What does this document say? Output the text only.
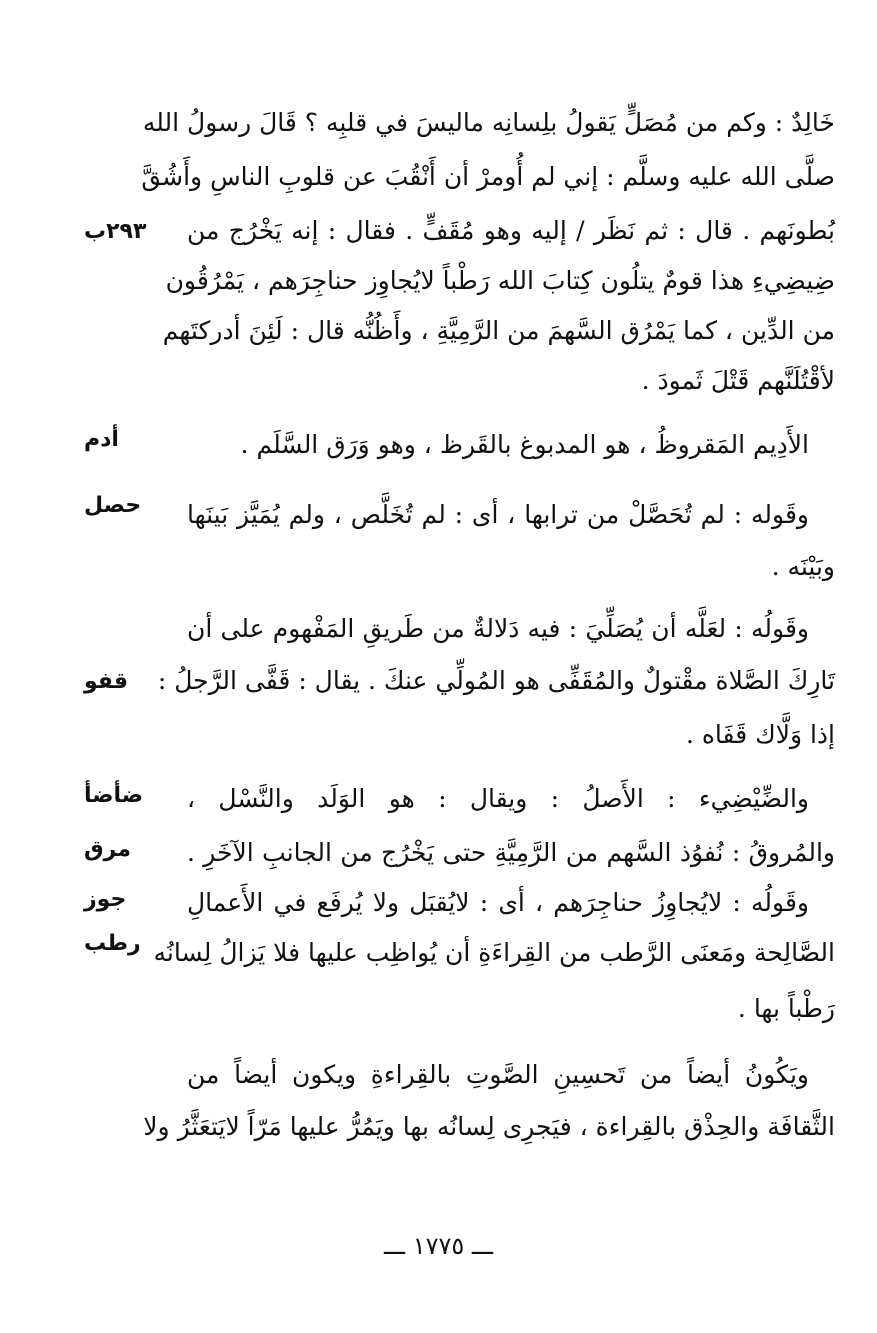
خَالِدٌ : وكم من مُصَلٍّ يَقولُ بلِسانِه ماليسَ في قلبِه ؟ قَالَ رسولُ الله
صلَّى الله عليه وسلَّم : إني لم أُومرْ أن أَنْقُبَ عن قلوبِ الناسِ وأَشُقَّ
بُطونَهم . قال : ثم نَظَر / إليه وهو مُقَفٍّ . فقال : إنه يَخْرُج من
ضِيضِيءِ هذا قومٌ يتلُون كِتابَ الله رَطْباً لايُجاوِز حناجِرَهم ، يَمْرُقُون
من الدِّين ، كما يَمْرُق السَّهمَ من الرَّمِيَّةِ ، وأَظُنُّه قال : لَئِنَ أدركتَهم
لأقْتُلَنَّهم قَتْلَ ثَمودَ .
٢٩٣ب
الأَدِيم المَقروظُ ، هو المدبوغ بالقَرظ ، وهو وَرَق السَّلَم .
أدم
وقَوله : لم تُحَصَّلْ من ترابها ، أى : لم تُخَلَّص ، ولم يُمَيَّز بَينَها
وبَيْنَه .
حصل
وقَولُه : لعَلَّه أن يُصَلِّيَ : فيه دَلالةٌ من طَريقِ المَفْهوم على أن
تَارِكَ الصَّلاة مقْتولٌ والمُقَفِّى هو المُولِّي عنكَ . يقال : قَفَّى الرَّجلُ :
إذا وَلَّاك قَفَاه .
قفو
والضِّيْضِيء : الأَصلُ : ويقال : هو الوَلَد والنَّسْل ،
والمُروقُ : نُفوُذ السَّهم من الرَّمِيَّةِ حتى يَخْرُج من الجانبِ الآخَرِ .
وقَولُه : لايُجاوِزُ حناجِرَهم ، أى : لايُقبَل ولا يُرفَع في الأَعمالِ
الصَّالِحة ومَعنَى الرَّطب من القِراءَةِ أن يُواظِب عليها فلا يَزالُ لِسانُه
رَطْباً بها .
ضأضأ
مرق
جوز
رطب
ويَكُونُ أيضاً من تَحسِينِ الصَّوتِ بالقِراءةِ ويكون أيضاً من
الثَّقافَة والحِذْق بالقِراءة ، فيَجرِى لِسانُه بها ويَمُرُّ عليها مَرّاً لايَتعَثَّرُ ولا
ـــ ١٧٧٥ ـــ
